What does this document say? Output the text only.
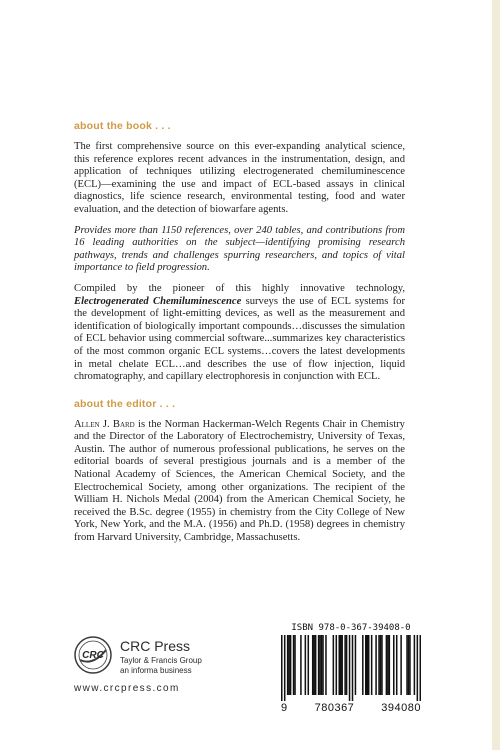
about the book . . .

The first comprehensive source on this ever-expanding analytical science, this reference explores recent advances in the instrumentation, design, and application of techniques utilizing electrogenerated chemiluminescence (ECL)—examining the use and impact of ECL-based assays in clinical diagnostics, life science research, environmental testing, food and water evaluation, and the detection of biowarfare agents.

Provides more than 1150 references, over 240 tables, and contributions from 16 leading authorities on the subject—identifying promising research pathways, trends and challenges spurring researchers, and topics of vital importance to field progression.

Compiled by the pioneer of this highly innovative technology, Electrogenerated Chemiluminescence surveys the use of ECL systems for the development of light-emitting devices, as well as the measurement and identification of biologically important compounds…discusses the simulation of ECL behavior using commercial software...summarizes key characteristics of the most common organic ECL systems…covers the latest developments in metal chelate ECL…and describes the use of flow injection, liquid chromatography, and capillary electrophoresis in conjunction with ECL.

about the editor . . .

Allen J. Bard is the Norman Hackerman-Welch Regents Chair in Chemistry and the Director of the Laboratory of Electrochemistry, University of Texas, Austin. The author of numerous professional publications, he serves on the editorial boards of several prestigious journals and is a member of the National Academy of Sciences, the American Chemical Society, and the Electrochemical Society, among other organizations. The recipient of the William H. Nichols Medal (2004) from the American Chemical Society, he received the B.Sc. degree (1955) in chemistry from the City College of New York, New York, and the M.A. (1956) and Ph.D. (1958) degrees in chemistry from Harvard University, Cambridge, Massachusetts.

CRC
CRC Press
Taylor & Francis Group
an informa business
www.crcpress.com
ISBN 978-0-367-39408-0
9 780367 394080
